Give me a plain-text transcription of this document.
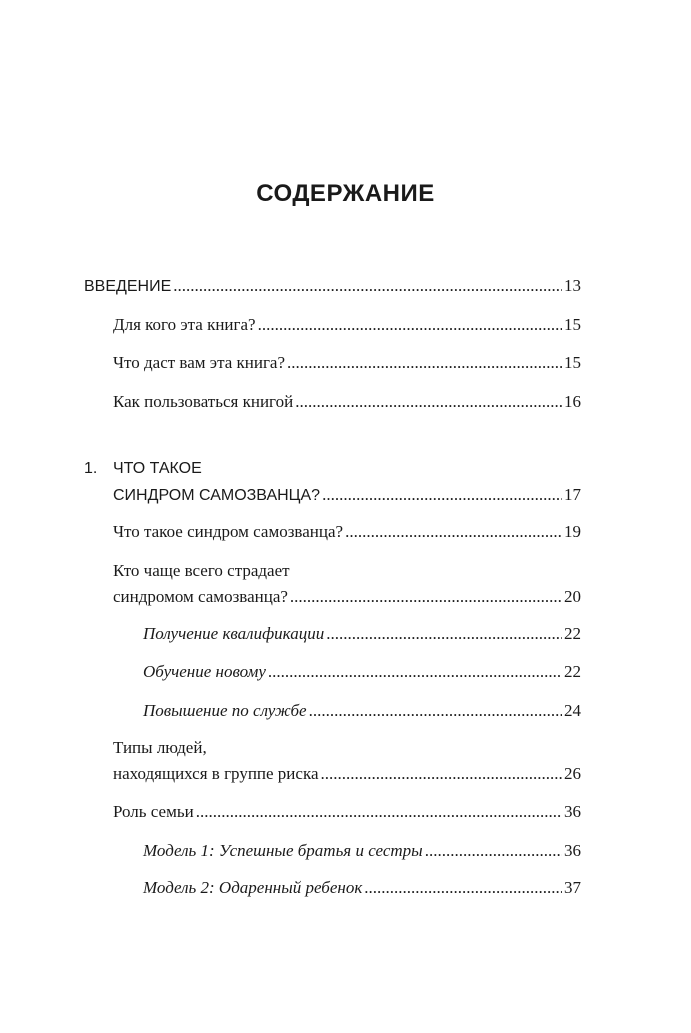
СОДЕРЖАНИЕ
ВВЕДЕНИЕ .....	13
Для кого эта книга? .....	15
Что даст вам эта книга? .....	15
Как пользоваться книгой .....	16
1. ЧТО ТАКОЕ
СИНДРОМ САМОЗВАНЦА? .....	17
Что такое синдром самозванца? .....	19
Кто чаще всего страдает
синдромом самозванца? .....	20
Получение квалификации .....	22
Обучение новому .....	22
Повышение по службе .....	24
Типы людей,
находящихся в группе риска .....	26
Роль семьи .....	36
Модель 1: Успешные братья и сестры .....	36
Модель 2: Одаренный ребенок .....	37
